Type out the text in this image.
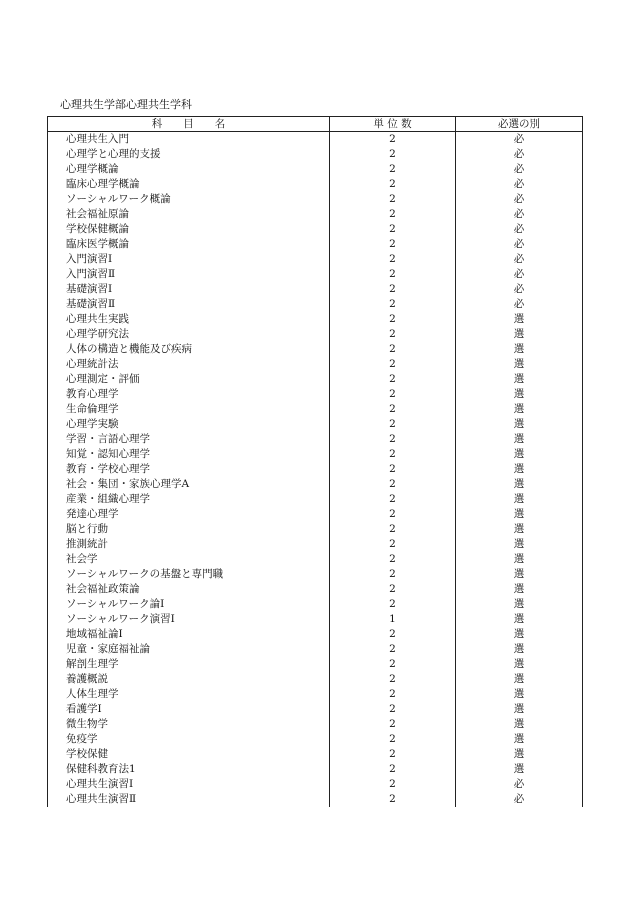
心理共生学部心理共生学科
科　　目　　名	単 位 数	必選の別
心理共生入門	2	必
心理学と心理的支援	2	必
心理学概論	2	必
臨床心理学概論	2	必
ソーシャルワーク概論	2	必
社会福祉原論	2	必
学校保健概論	2	必
臨床医学概論	2	必
入門演習Ⅰ	2	必
入門演習Ⅱ	2	必
基礎演習Ⅰ	2	必
基礎演習Ⅱ	2	必
心理共生実践	2	選
心理学研究法	2	選
人体の構造と機能及び疾病	2	選
心理統計法	2	選
心理測定・評価	2	選
教育心理学	2	選
生命倫理学	2	選
心理学実験	2	選
学習・言語心理学	2	選
知覚・認知心理学	2	選
教育・学校心理学	2	選
社会・集団・家族心理学A	2	選
産業・組織心理学	2	選
発達心理学	2	選
脳と行動	2	選
推測統計	2	選
社会学	2	選
ソーシャルワークの基盤と専門職	2	選
社会福祉政策論	2	選
ソーシャルワーク論Ⅰ	2	選
ソーシャルワーク演習Ⅰ	1	選
地域福祉論Ⅰ	2	選
児童・家庭福祉論	2	選
解剖生理学	2	選
養護概説	2	選
人体生理学	2	選
看護学Ⅰ	2	選
微生物学	2	選
免疫学	2	選
学校保健	2	選
保健科教育法1	2	選
心理共生演習Ⅰ	2	必
心理共生演習Ⅱ	2	必
